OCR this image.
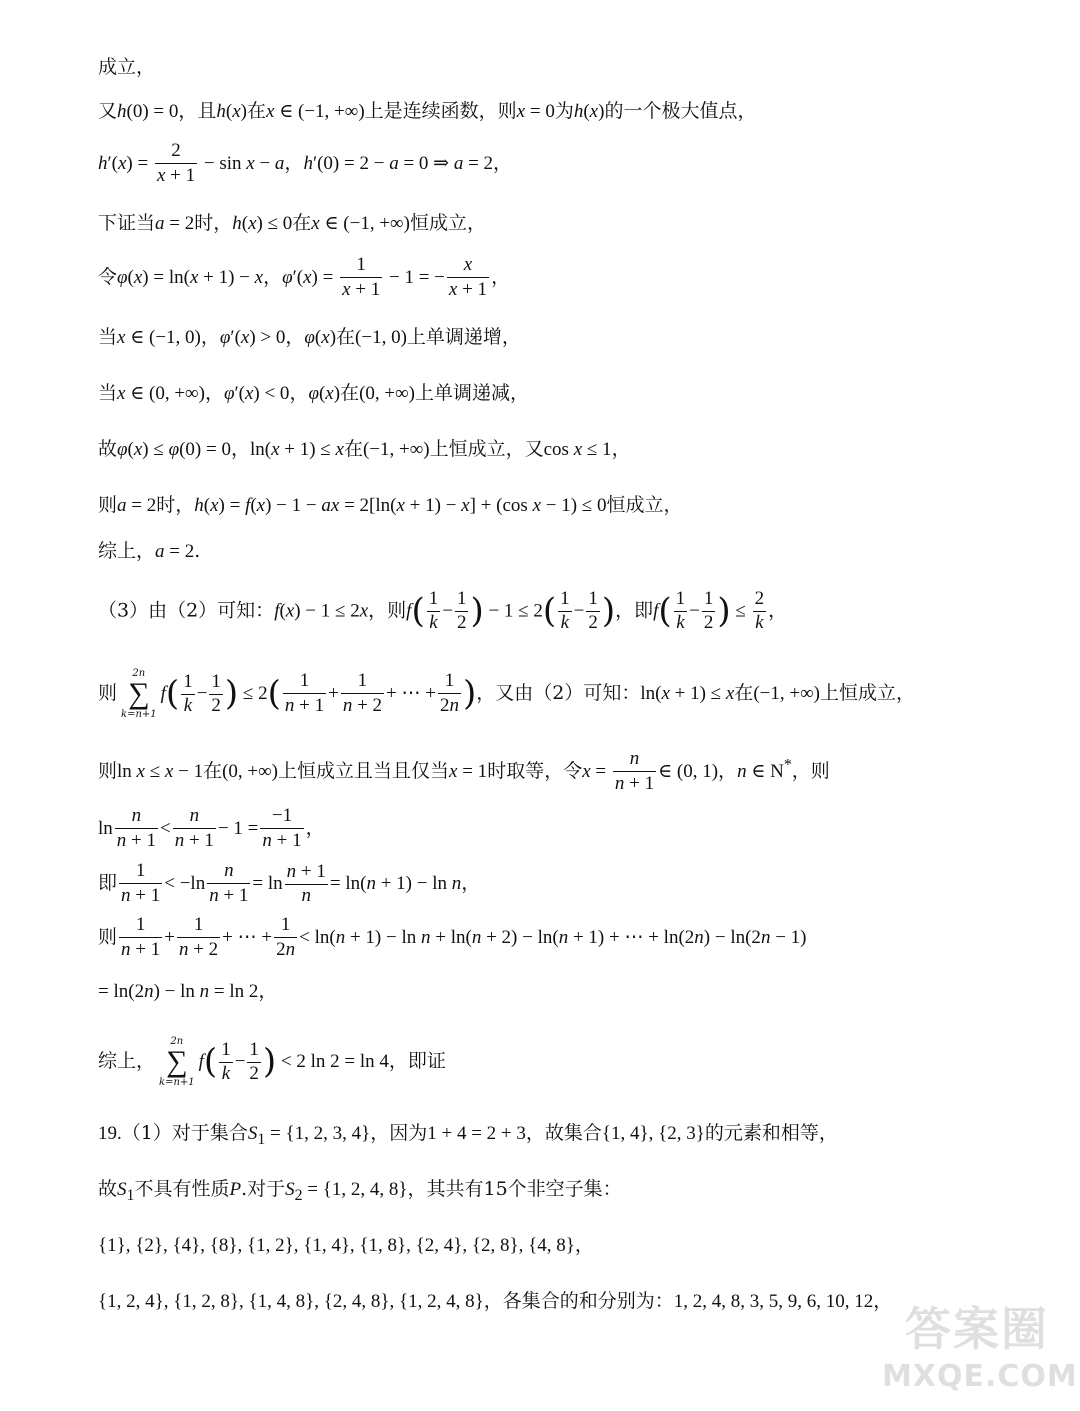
成立，
又h(0) = 0，且h(x)在x ∈ (−1, +∞)上是连续函数，则x = 0为h(x)的一个极大值点，
$h'(x) = \frac{2}{x + 1} - \sin x - a$，h′(0) = 2 − a = 0 ⇒ a = 2，
下证当a = 2时，h(x) ≤ 0在x ∈ (−1, +∞)恒成立，
令φ(x) = ln(x + 1) − x，$\varphi'(x) = \frac{1}{x + 1} - 1$ = − $\frac{x}{x + 1}$ ，
当x ∈ (−1, 0)，φ′(x) > 0，φ(x)在(−1, 0)上单调递增，
当x ∈ (0, +∞)，φ′(x) < 0，φ(x)在(0, +∞)上单调递减，
故φ(x) ≤ φ(0) = 0，ln(x + 1) ≤ x在(−1, +∞)上恒成立，又cos x ≤ 1，
则a = 2时，h(x) = f(x) − 1 − ax = 2[ln(x + 1) − x] + (cos x − 1) ≤ 0恒成立，
综上，a = 2.
（3）由（2）可知：f(x) − 1 ≤ 2x，则$f( \frac{1}{k} - \frac{1}{2}$ ) − $1 \le 2( \frac{1}{k} - \frac{1}{2}$ )，即$f( \frac{1}{k} - \frac{1}{2}$ ) ≤ $\frac{2}{k}$ ，
则
2n
∑
k=n+1
$f( \frac{1}{k} - \frac{1}{2}$ ) ≤ $2( \frac{1}{n + 1} + \frac{1}{n + 2}$ + ⋯ + $\frac{1}{2n}$ )，又由（2）可知：ln(x + 1) ≤ x在(−1, +∞)上恒成立，
则ln x ≤ x − 1在(0, +∞)上恒成立且当且仅当x = 1时取等，令$x = \frac{n}{n + 1}$ ∈ (0, 1)，n ∈ N*，则
$\ln \frac{n}{n + 1} < \frac{n}{n + 1} - 1 = \frac{-1}{n + 1}$ ，
即 $\frac{1}{n + 1} < -\ln \frac{n}{n + 1} = \ln \frac{n + 1}{n} = \ln(n + 1) - \ln n$，
则 $\frac{1}{n + 1} + \frac{1}{n + 2}$ + ⋯ + $\frac{1}{2n} < \ln(n + 1) - \ln n + \ln(n + 2) - \ln(n + 1)$ + ⋯ + ln(2n) − ln(2n − 1)
= ln(2n) − ln n = ln 2，
综上，
2n
∑
k=n+1
$f( \frac{1}{k} - \frac{1}{2}$ ) < 2 ln 2 = ln 4，即证
19.（1）对于集合$S_1 = \{1$, 2, 3, 4}，因为1 + 4 = 2 + 3，故集合{1, 4}, {2, 3}的元素和相等，
故$S_1$不具有性质P.对于$S_2 = \{1$, 2, 4, 8}，其共有15个非空子集：
{1}, {2}, {4}, {8}, {1, 2}, {1, 4}, {1, 8}, {2, 4}, {2, 8}, {4, 8}，
{1, 2, 4}, {1, 2, 8}, {1, 4, 8}, {2, 4, 8}, {1, 2, 4, 8}，各集合的和分别为：1, 2, 4, 8, 3, 5, 9, 6, 10, 12，
答案圈
MXQE.COM
